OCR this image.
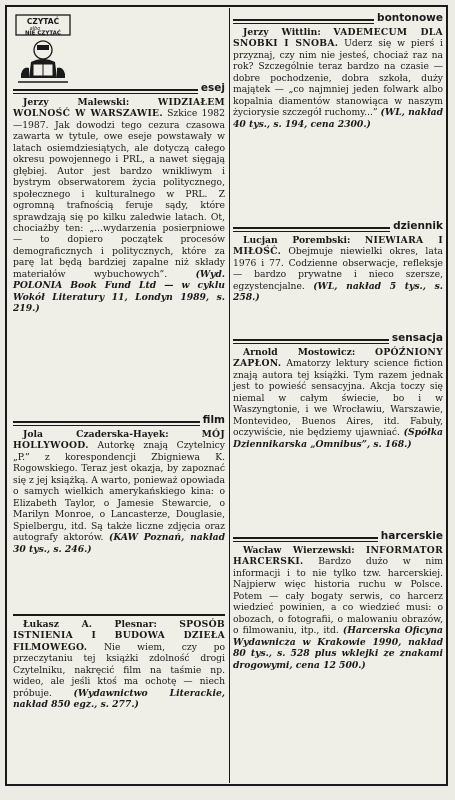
CZYTAĆ
albo
NIE CZYTAĆ
esej

Jerzy Malewski:	WIDZIAŁEM WOLNOŚĆ W WARSZAWIE. Szkice 1982—1987. Jak dowodzi tego cezura czasowa zawarta w tytule, owe eseje powstawały w latach osiemdziesiątych, ale dotyczą całego okresu powojennego i PRL, a nawet sięgają głębiej. Autor jest bardzo wnikliwym i bystrym obserwatorem życia politycznego, społecznego i kulturalnego w PRL. Z ogromną trafnością feruje sądy, które sprawdzają się po kilku zaledwie latach. Ot, chociażby ten: „...wydarzenia posierpniowe — to dopiero początek procesów demograficznych i politycznych, które za parę lat będą bardziej zapalne niż składy materiałów wybuchowych”.	(Wyd. POLONIA Book Fund Ltd — w cyklu Wokół Literatury 11, Londyn 1989, s. 219.)

film

Jola Czaderska-Hayek:	MÓJ HOLLYWOOD. Autorkę znają Czytelnicy „P.” z korespondencji Zbigniewa K. Rogowskiego. Teraz jest okazja, by zapoznać się z jej książką. A warto, ponieważ opowiada o samych wielkich amerykańskiego kina: o Elizabeth Taylor, o Jamesie Stewarcie, o Marilyn Monroe, o Lancasterze, Douglasie, Spielbergu, itd. Są także liczne zdjęcia oraz autografy aktorów. (KAW Poznań, nakład 30 tys., s. 246.)

Łukasz A. Plesnar: SPOSÓB ISTNIENIA I BUDOWA DZIEŁA FILMOWEGO. Nie wiem, czy po przeczytaniu tej książki zdolność drogi Czytelniku, nakręcić film na taśmie np. wideo, ale jeśli ktoś ma ochotę — niech próbuje. (Wydawnictwo Literackie, nakład 850 egz., s. 277.)

bontonowe

Jerzy Wittlin: VADEMECUM DLA SNOBKI I SNOBA. Uderz się w pierś i przyznaj, czy nim nie jesteś, chociaż raz na rok? Szczególnie teraz bardzo na czasie — dobre pochodzenie, dobra szkoła, duży majątek — „co najmniej jeden folwark albo kopalnia diamentów stanowiąca w naszym życiorysie szczegół ruchomy...” (WL, nakład 40 tys., s. 194, cena 2300.)

dziennik

Lucjan Porembski: NIEWIARA I MIŁOŚĆ. Obejmuje niewielki okres, lata 1976 i 77. Codzienne obserwacje, refleksje — bardzo prywatne i nieco szersze, egzystencjalne. (WL, nakład 5 tys., s. 258.)

sensacja

Arnold Mostowicz: OPÓŹNIONY ZAPŁON. Amatorzy lektury science fiction znają autora tej książki. Tym razem jednak jest to powieść sensacyjna. Akcja toczy się niemal w całym świecie, bo i w Waszyngtonie, i we Wrocławiu, Warszawie, Montevideo, Buenos Aires, itd. Fabuły, oczywiście, nie będziemy ujawniać. (Spółka Dziennikarska „Omnibus”, s. 168.)

harcerskie

Wacław Wierzewski: INFORMATOR HARCERSKI. Bardzo dużo w nim informacji i to nie tylko tzw. harcerskiej. Najpierw więc historia ruchu w Polsce. Potem — cały bogaty serwis, co harcerz wiedzieć powinien, a co wiedzieć musi: o obozach, o fotografii, o malowaniu obrazów, o filmowaniu, itp., itd. (Harcerska Oficyna Wydawnicza w Krakowie 1990, nakład 80 tys., s. 528 plus wklejki ze znakami drogowymi, cena 12 500.)
